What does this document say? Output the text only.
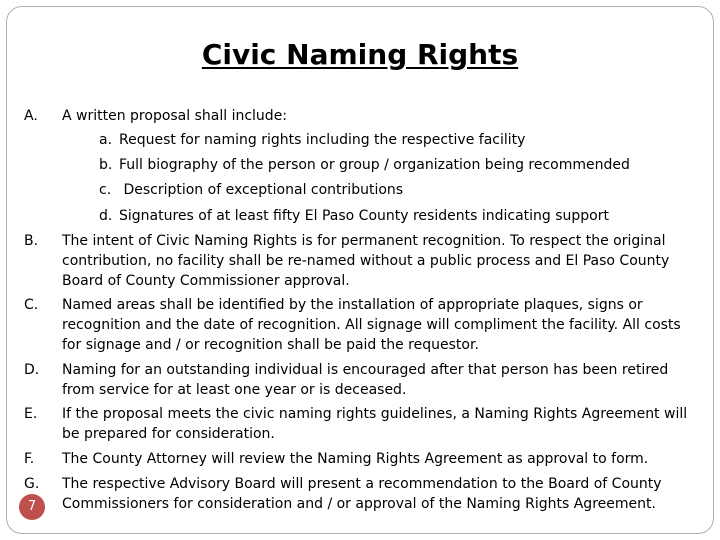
Civic Naming Rights
A. A written proposal shall include:
a. Request for naming rights including the respective facility
b. Full biography of the person or group / organization being recommended
c. Description of exceptional contributions
d. Signatures of at least fifty El Paso County residents indicating support
B. The intent of Civic Naming Rights is for permanent recognition. To respect the original contribution, no facility shall be re-named without a public process and El Paso County Board of County Commissioner approval.
C. Named areas shall be identified by the installation of appropriate plaques, signs or recognition and the date of recognition. All signage will compliment the facility. All costs for signage and / or recognition shall be paid the requestor.
D. Naming for an outstanding individual is encouraged after that person has been retired from service for at least one year or is deceased.
E. If the proposal meets the civic naming rights guidelines, a Naming Rights Agreement will be prepared for consideration.
F. The County Attorney will review the Naming Rights Agreement as approval to form.
G. The respective Advisory Board will present a recommendation to the Board of County Commissioners for consideration and / or approval of the Naming Rights Agreement.
7
